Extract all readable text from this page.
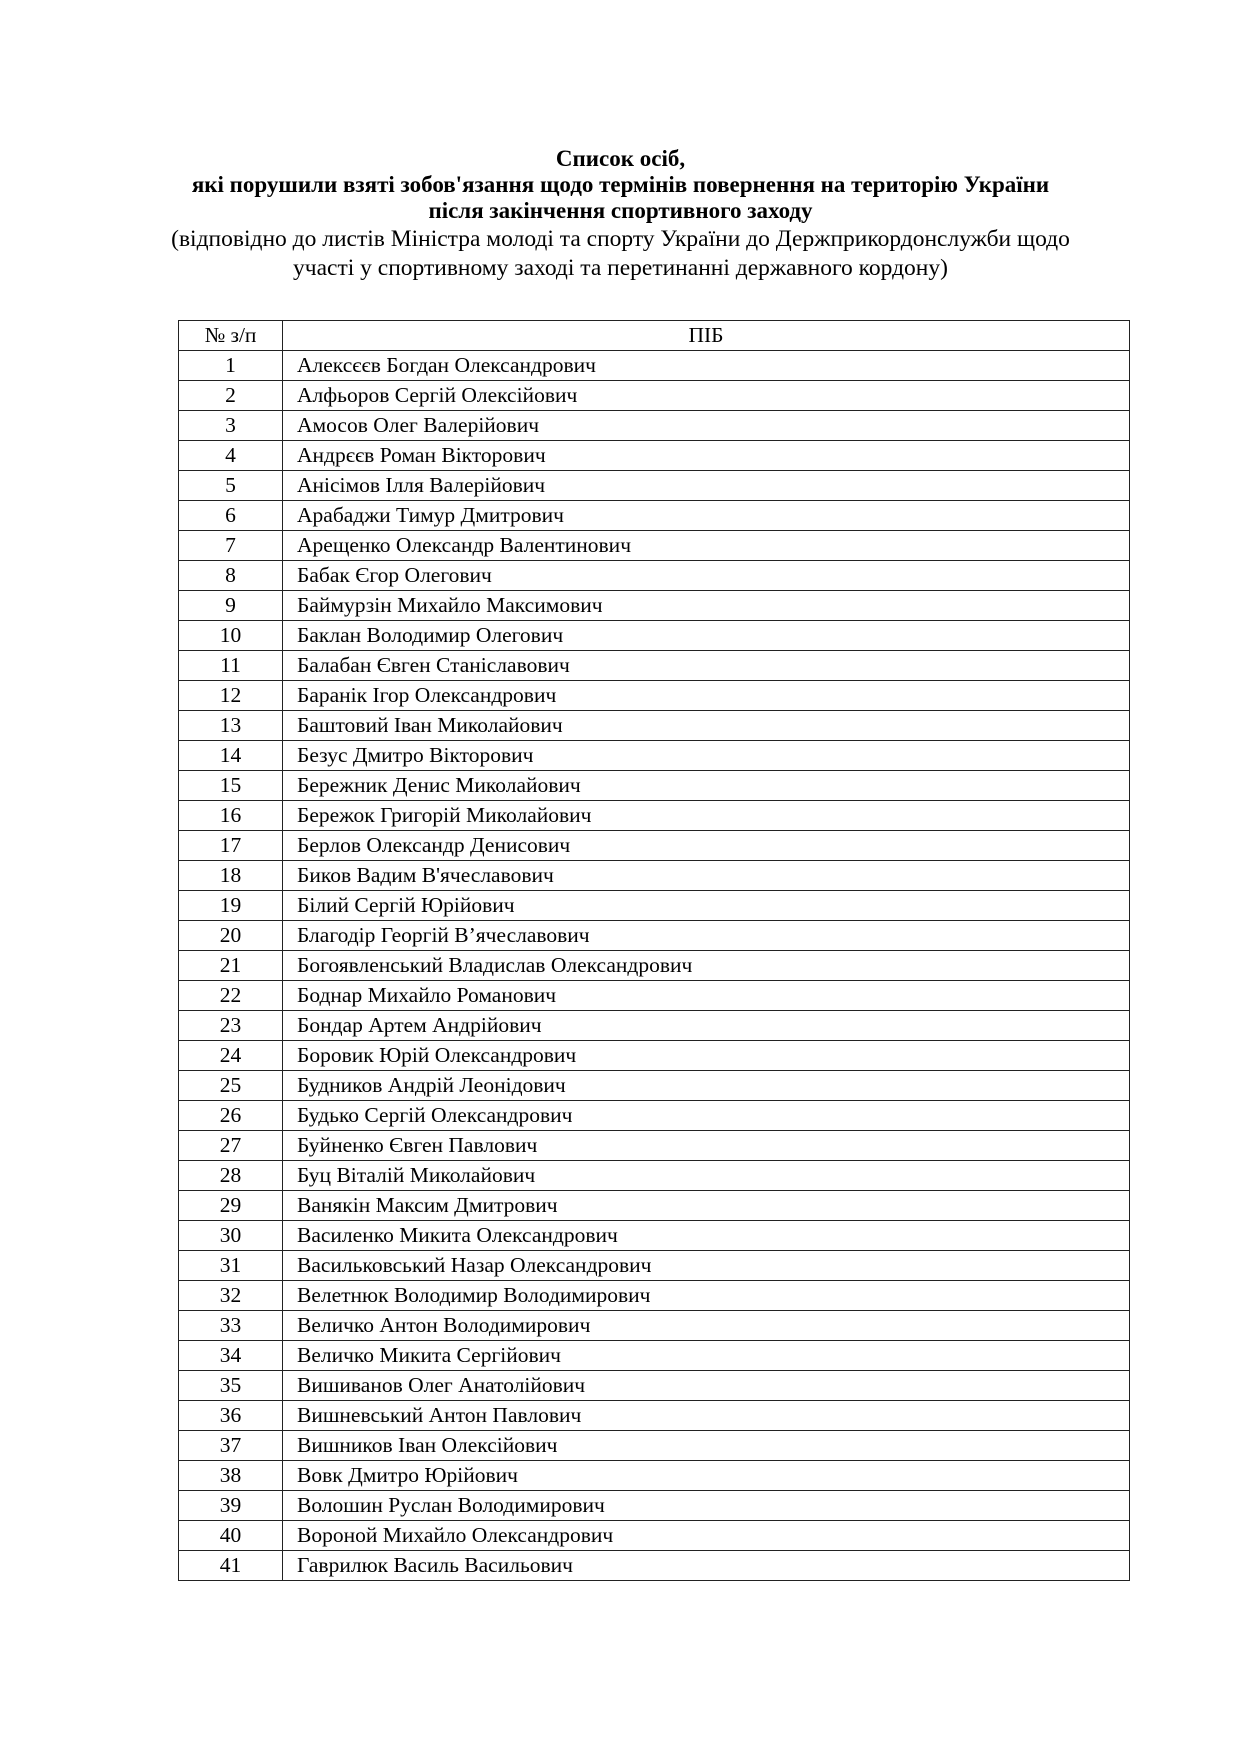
Список осіб,

які порушили взяті зобов'язання щодо термінів повернення на територію України

після закінчення спортивного заходу

(відповідно до листів Міністра молоді та спорту України до Держприкордонслужби щодо

участі у спортивному заході та перетинанні державного кордону)

№ з/п	ПІБ
1	Алексєєв Богдан Олександрович
2	Алфьоров Сергій Олексійович
3	Амосов Олег Валерійович
4	Андрєєв Роман Вікторович
5	Анісімов Ілля Валерійович
6	Арабаджи Тимур Дмитрович
7	Арещенко Олександр Валентинович
8	Бабак Єгор Олегович
9	Баймурзін Михайло Максимович
10	Баклан Володимир Олегович
11	Балабан Євген Станіславович
12	Баранік Ігор Олександрович
13	Баштовий Іван Миколайович
14	Безус Дмитро Вікторович
15	Бережник Денис Миколайович
16	Бережок Григорій Миколайович
17	Берлов Олександр Денисович
18	Биков Вадим В'ячеславович
19	Білий Сергій Юрійович
20	Благодір Георгій В’ячеславович
21	Богоявленський Владислав Олександрович
22	Боднар Михайло Романович
23	Бондар Артем Андрійович
24	Боровик Юрій Олександрович
25	Будников Андрій Леонідович
26	Будько Сергій Олександрович
27	Буйненко Євген Павлович
28	Буц Віталій Миколайович
29	Ванякін Максим Дмитрович
30	Василенко Микита Олександрович
31	Васильковський Назар Олександрович
32	Велетнюк Володимир Володимирович
33	Величко Антон Володимирович
34	Величко Микита Сергійович
35	Вишиванов Олег Анатолійович
36	Вишневський Антон Павлович
37	Вишников Іван Олексійович
38	Вовк Дмитро Юрійович
39	Волошин Руслан Володимирович
40	Вороной Михайло Олександрович
41	Гаврилюк Василь Васильович
